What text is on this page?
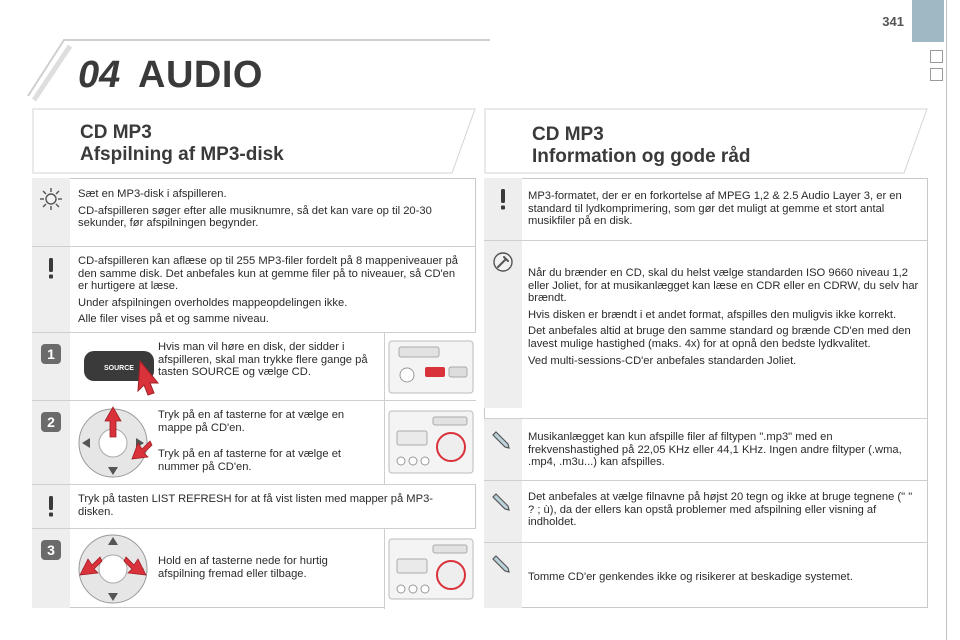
341
04 AUDIO
CD MP3
Afspilning af MP3-disk
CD MP3
Information og gode råd

Sæt en MP3-disk i afspilleren.

CD-afspilleren søger efter alle musiknumre, så det kan vare op til 20-30 sekunder, før afspilningen begynder.

CD-afspilleren kan aflæse op til 255 MP3-filer fordelt på 8 mappeniveauer på den samme disk. Det anbefales kun at gemme filer på to niveauer, så CD'en er hurtigere at læse.

Under afspilningen overholdes mappeopdelingen ikke.

Alle filer vises på et og samme niveau.

1
SOURCE

Hvis man vil høre en disk, der sidder i afspilleren, skal man trykke flere gange på tasten SOURCE og vælge CD.

2	Tryk på en af tasterne for at vælge en mappe på CD'en.

Tryk på en af tasterne for at vælge et nummer på CD'en.

Tryk på tasten LIST REFRESH for at få vist listen med mapper på MP3-disken.

3

Hold en af tasterne nede for hurtig afspilning fremad eller tilbage.

MP3-formatet, der er en forkortelse af MPEG 1,2 & 2.5 Audio Layer 3, er en standard til lydkomprimering, som gør det muligt at gemme et stort antal musikfiler på en disk.

Når du brænder en CD, skal du helst vælge standarden ISO 9660 niveau 1,2 eller Joliet, for at musikanlægget kan læse en CDR eller en CDRW, du selv har brændt.

Hvis disken er brændt i et andet format, afspilles den muligvis ikke korrekt.

Det anbefales altid at bruge den samme standard og brænde CD'en med den lavest mulige hastighed (maks. 4x) for at opnå den bedste lydkvalitet.

Ved multi-sessions-CD'er anbefales standarden Joliet.

Musikanlægget kan kun afspille filer af filtypen ".mp3" med en frekvenshastighed på 22,05 KHz eller 44,1 KHz. Ingen andre filtyper (.wma, .mp4, .m3u...) kan afspilles.

Det anbefales at vælge filnavne på højst 20 tegn og ikke at bruge tegnene (" " ? ; ù), da der ellers kan opstå problemer med afspilning eller visning af indholdet.

Tomme CD'er genkendes ikke og risikerer at beskadige systemet.
